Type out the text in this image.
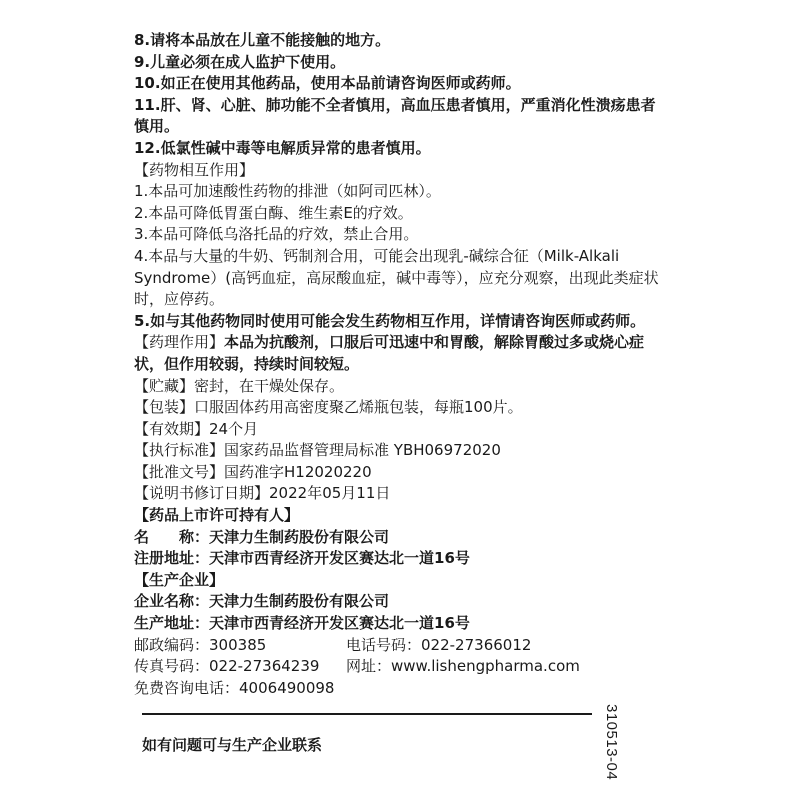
8.请将本品放在儿童不能接触的地方。

9.儿童必须在成人监护下使用。

10.如正在使用其他药品，使用本品前请咨询医师或药师。

11.肝、肾、心脏、肺功能不全者慎用，高血压患者慎用，严重消化性溃疡患者慎用。

12.低氯性碱中毒等电解质异常的患者慎用。

【药物相互作用】

1.本品可加速酸性药物的排泄（如阿司匹林）。

2.本品可降低胃蛋白酶、维生素E的疗效。

3.本品可降低乌洛托品的疗效，禁止合用。

4.本品与大量的牛奶、钙制剂合用，可能会出现乳-碱综合征（Milk-Alkali Syndrome）(高钙血症，高尿酸血症，碱中毒等），应充分观察，出现此类症状时，应停药。

5.如与其他药物同时使用可能会发生药物相互作用，详情请咨询医师或药师。

【药理作用】本品为抗酸剂，口服后可迅速中和胃酸，解除胃酸过多或烧心症状，但作用较弱，持续时间较短。

【贮藏】密封，在干燥处保存。

【包装】口服固体药用高密度聚乙烯瓶包装，每瓶100片。

【有效期】24个月

【执行标准】国家药品监督管理局标准 YBH06972020

【批准文号】国药准字H12020220

【说明书修订日期】2022年05月11日

【药品上市许可持有人】

名　　称：天津力生制药股份有限公司

注册地址：天津市西青经济开发区赛达北一道16号

【生产企业】

企业名称：天津力生制药股份有限公司

生产地址：天津市西青经济开发区赛达北一道16号

邮政编码：300385	电话号码：022-27366012
传真号码：022-27364239	网址：www.lishengpharma.com

免费咨询电话：4006490098

如有问题可与生产企业联系	310513-04
